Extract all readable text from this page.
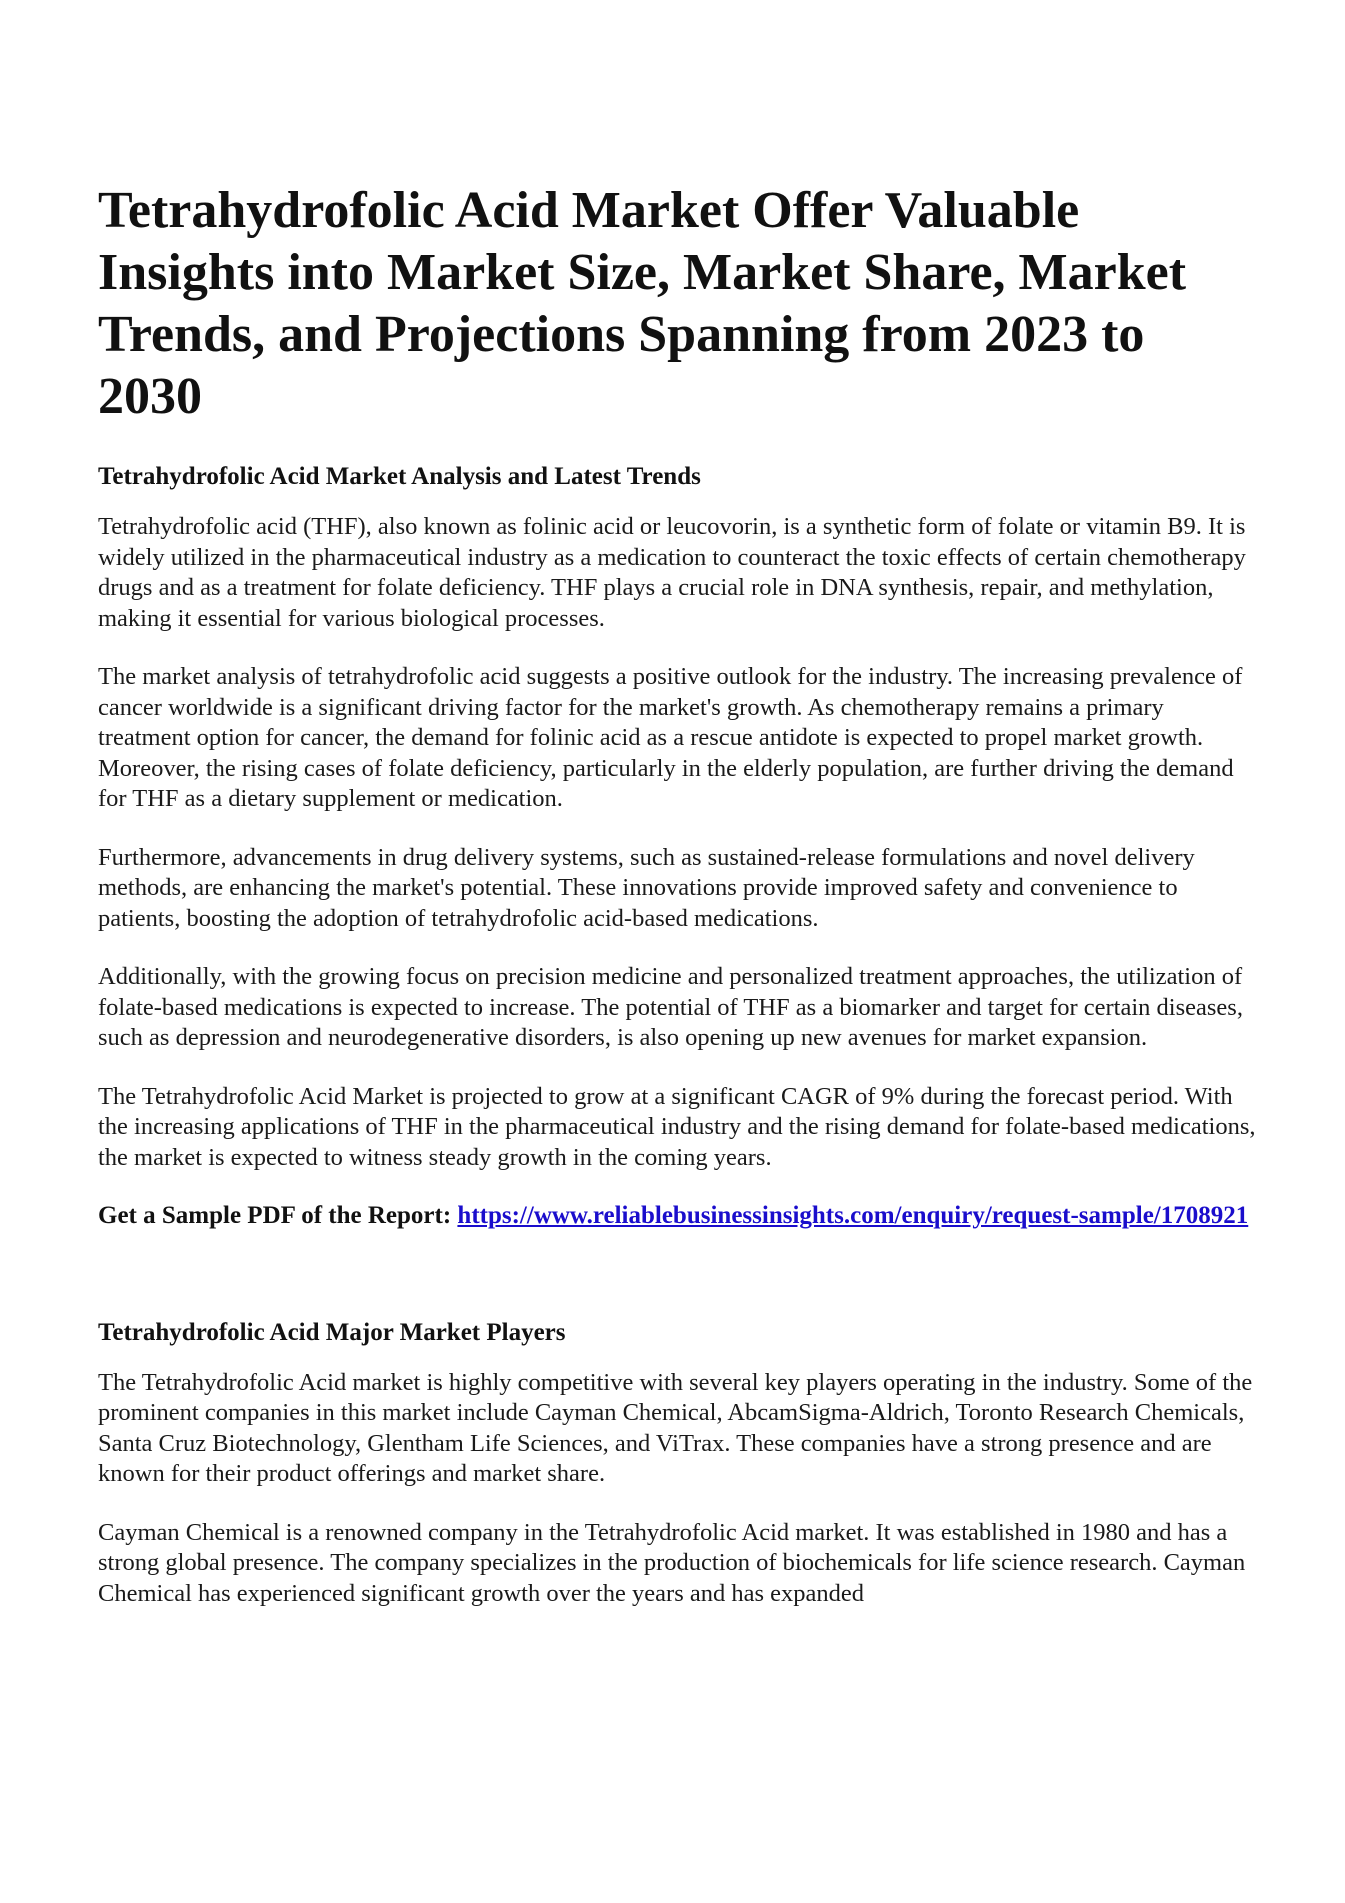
Tetrahydrofolic Acid Market Offer Valuable Insights into Market Size, Market Share, Market Trends, and Projections Spanning from 2023 to 2030
Tetrahydrofolic Acid Market Analysis and Latest Trends

Tetrahydrofolic acid (THF), also known as folinic acid or leucovorin, is a synthetic form of folate or vitamin B9. It is widely utilized in the pharmaceutical industry as a medication to counteract the toxic effects of certain chemotherapy drugs and as a treatment for folate deficiency. THF plays a crucial role in DNA synthesis, repair, and methylation, making it essential for various biological processes.

The market analysis of tetrahydrofolic acid suggests a positive outlook for the industry. The increasing prevalence of cancer worldwide is a significant driving factor for the market's growth. As chemotherapy remains a primary treatment option for cancer, the demand for folinic acid as a rescue antidote is expected to propel market growth. Moreover, the rising cases of folate deficiency, particularly in the elderly population, are further driving the demand for THF as a dietary supplement or medication.

Furthermore, advancements in drug delivery systems, such as sustained-release formulations and novel delivery methods, are enhancing the market's potential. These innovations provide improved safety and convenience to patients, boosting the adoption of tetrahydrofolic acid-based medications.

Additionally, with the growing focus on precision medicine and personalized treatment approaches, the utilization of folate-based medications is expected to increase. The potential of THF as a biomarker and target for certain diseases, such as depression and neurodegenerative disorders, is also opening up new avenues for market expansion.

The Tetrahydrofolic Acid Market is projected to grow at a significant CAGR of 9% during the forecast period. With the increasing applications of THF in the pharmaceutical industry and the rising demand for folate-based medications, the market is expected to witness steady growth in the coming years.

Get a Sample PDF of the Report: https://www.reliablebusinessinsights.com/enquiry/request-sample/1708921
Tetrahydrofolic Acid Major Market Players

The Tetrahydrofolic Acid market is highly competitive with several key players operating in the industry. Some of the prominent companies in this market include Cayman Chemical, AbcamSigma-Aldrich, Toronto Research Chemicals, Santa Cruz Biotechnology, Glentham Life Sciences, and ViTrax. These companies have a strong presence and are known for their product offerings and market share.

Cayman Chemical is a renowned company in the Tetrahydrofolic Acid market. It was established in 1980 and has a strong global presence. The company specializes in the production of biochemicals for life science research. Cayman Chemical has experienced significant growth over the years and has expanded
